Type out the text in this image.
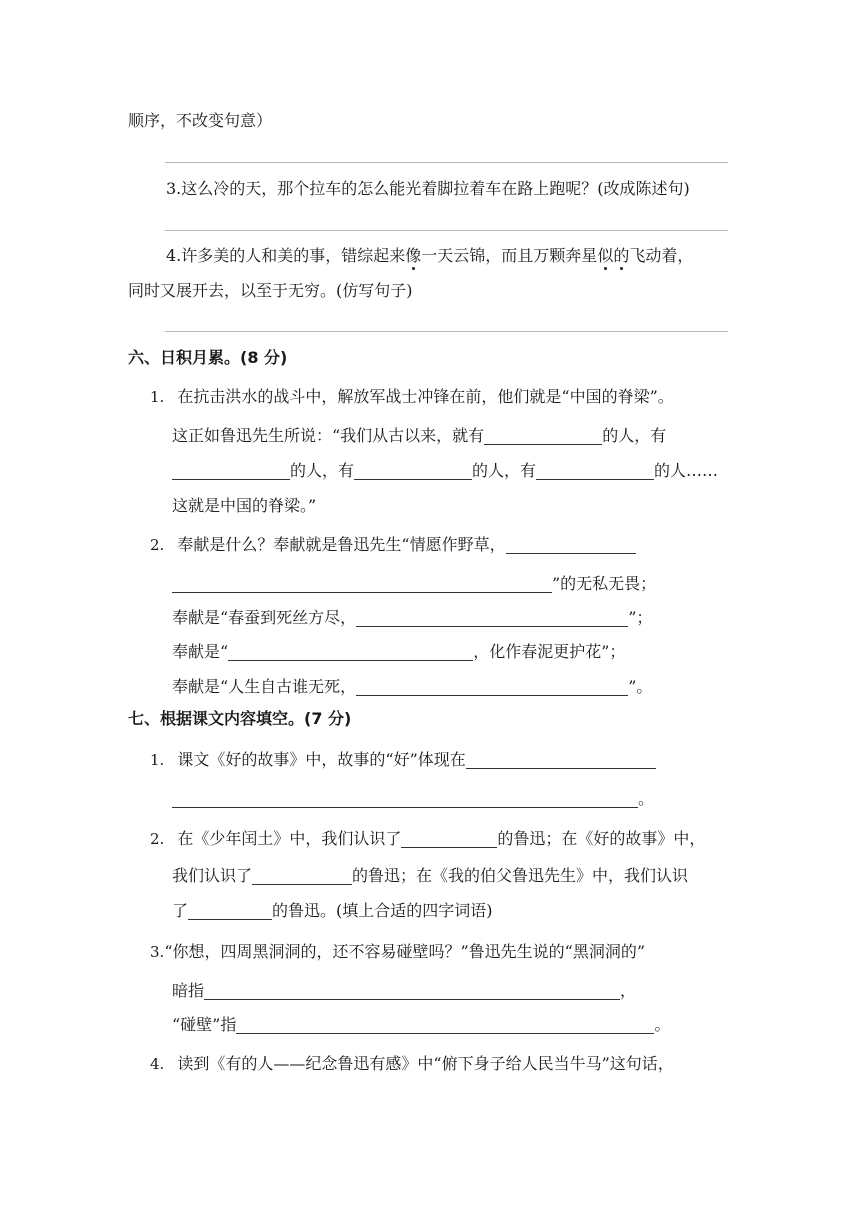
顺序，不改变句意）
3.这么冷的天，那个拉车的怎么能光着脚拉着车在路上跑呢？(改成陈述句)
4.许多美的人和美的事，错综起来像一天云锦，而且万颗奔星似的飞动着，
同时又展开去，以至于无穷。(仿写句子)
六、日积月累。(8 分)
1. 在抗击洪水的战斗中，解放军战士冲锋在前，他们就是“中国的脊梁”。
这正如鲁迅先生所说：“我们从古以来，就有	的人，有
的人，有	的人，有	的人……
这就是中国的脊梁。”
2. 奉献是什么？奉献就是鲁迅先生“情愿作野草，
”的无私无畏；
奉献是“春蚕到死丝方尽，	”；
奉献是“	，化作春泥更护花”；
奉献是“人生自古谁无死，	”。
七、根据课文内容填空。(7 分)
1. 课文《好的故事》中，故事的“好”体现在
。
2. 在《少年闰土》中，我们认识了	的鲁迅；在《好的故事》中，
我们认识了	的鲁迅；在《我的伯父鲁迅先生》中，我们认识
了	的鲁迅。(填上合适的四字词语)
3.“你想，四周黑洞洞的，还不容易碰壁吗？”鲁迅先生说的“黑洞洞的”
暗指	，
“碰壁”指	。
4. 读到《有的人——纪念鲁迅有感》中“俯下身子给人民当牛马”这句话，
